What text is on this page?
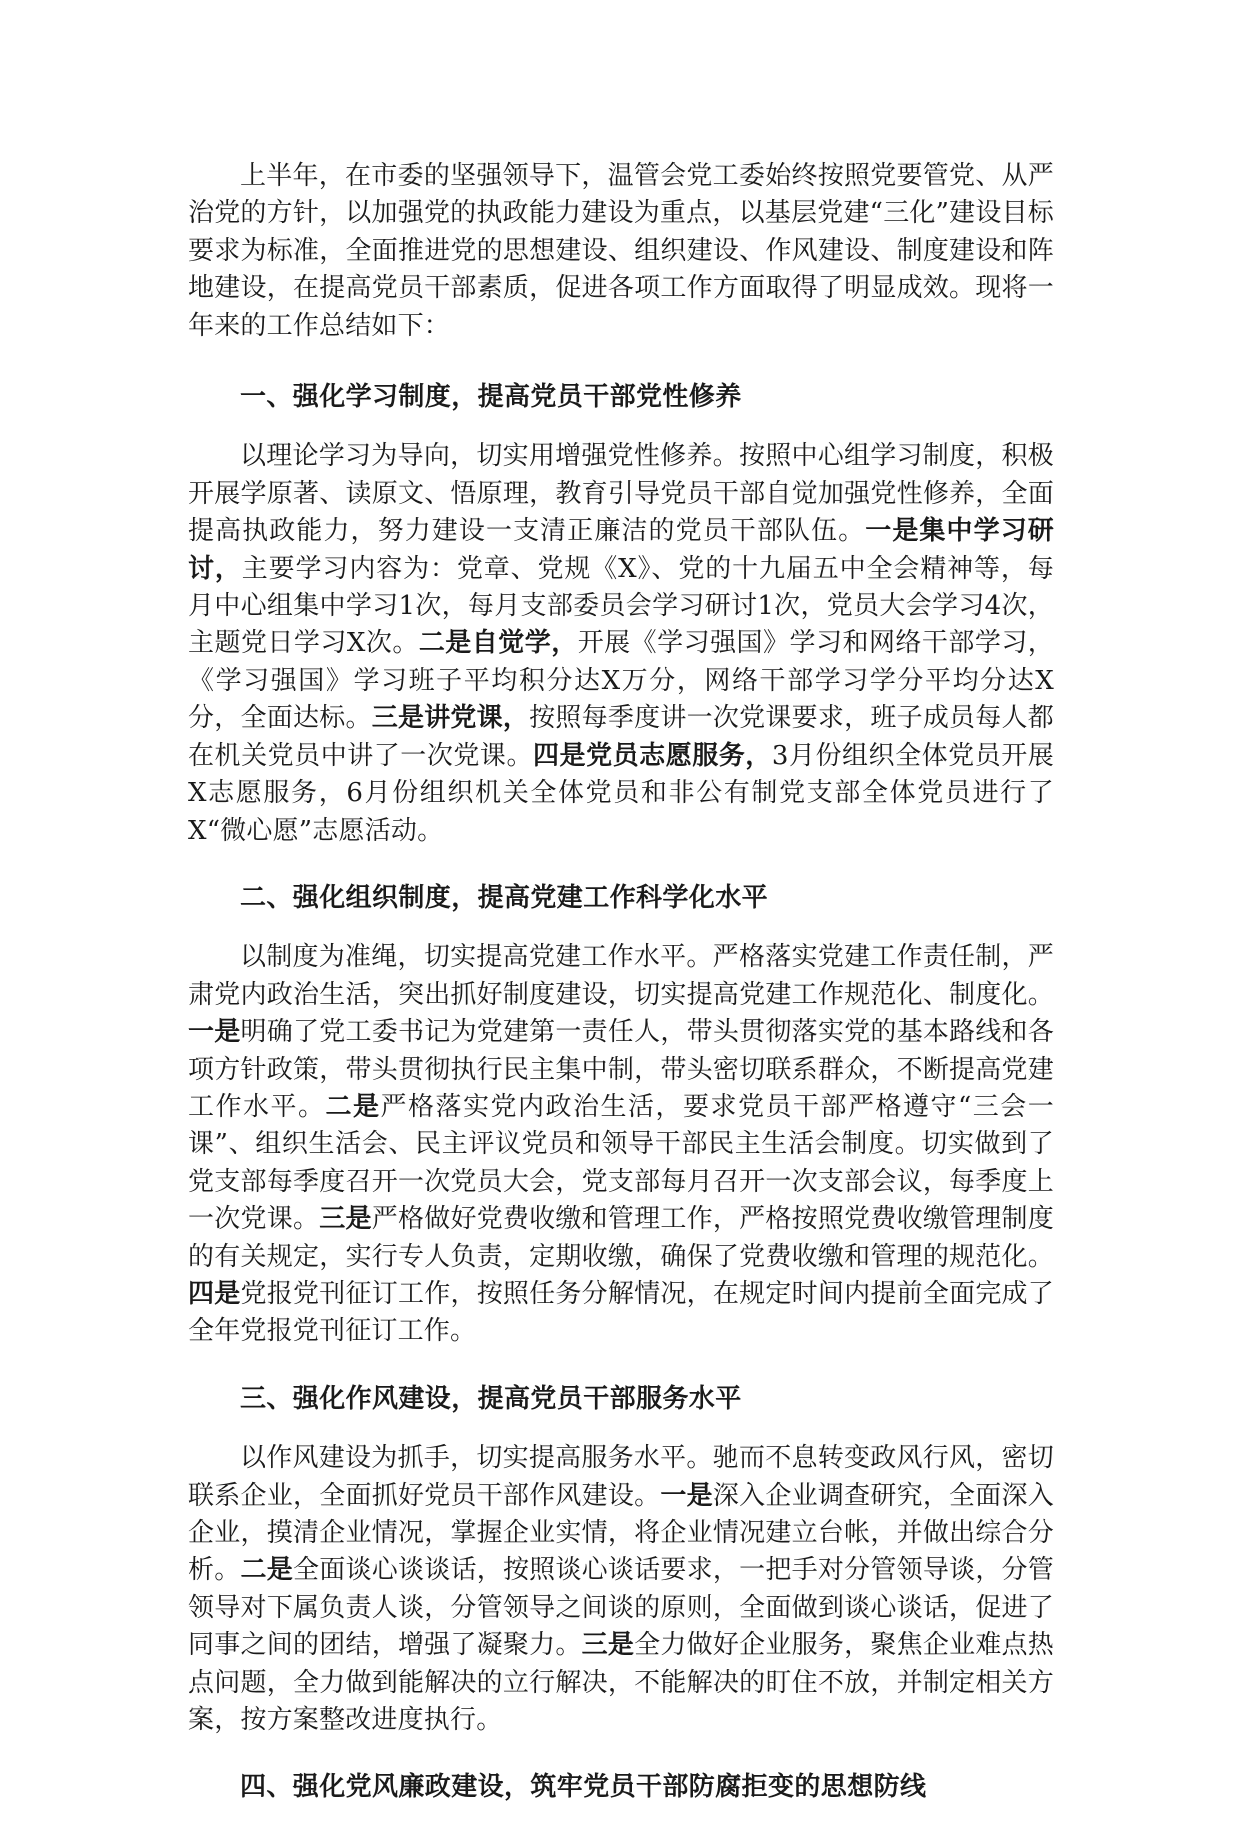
上半年，在市委的坚强领导下，温管会党工委始终按照党要管党、从严治党的方针，以加强党的执政能力建设为重点，以基层党建“三化”建设目标要求为标准，全面推进党的思想建设、组织建设、作风建设、制度建设和阵地建设，在提高党员干部素质，促进各项工作方面取得了明显成效。现将一年来的工作总结如下：

一、强化学习制度，提高党员干部党性修养

以理论学习为导向，切实用增强党性修养。按照中心组学习制度，积极开展学原著、读原文、悟原理，教育引导党员干部自觉加强党性修养，全面提高执政能力，努力建设一支清正廉洁的党员干部队伍。一是集中学习研讨，主要学习内容为：党章、党规《X》、党的十九届五中全会精神等，每月中心组集中学习1次，每月支部委员会学习研讨1次，党员大会学习4次，主题党日学习X次。二是自觉学，开展《学习强国》学习和网络干部学习，《学习强国》学习班子平均积分达X万分，网络干部学习学分平均分达X分，全面达标。三是讲党课，按照每季度讲一次党课要求，班子成员每人都在机关党员中讲了一次党课。四是党员志愿服务，3月份组织全体党员开展X志愿服务，6月份组织机关全体党员和非公有制党支部全体党员进行了X“微心愿”志愿活动。

二、强化组织制度，提高党建工作科学化水平

以制度为准绳，切实提高党建工作水平。严格落实党建工作责任制，严肃党内政治生活，突出抓好制度建设，切实提高党建工作规范化、制度化。一是明确了党工委书记为党建第一责任人，带头贯彻落实党的基本路线和各项方针政策，带头贯彻执行民主集中制，带头密切联系群众，不断提高党建工作水平。二是严格落实党内政治生活，要求党员干部严格遵守“三会一课”、组织生活会、民主评议党员和领导干部民主生活会制度。切实做到了党支部每季度召开一次党员大会，党支部每月召开一次支部会议，每季度上一次党课。三是严格做好党费收缴和管理工作，严格按照党费收缴管理制度的有关规定，实行专人负责，定期收缴，确保了党费收缴和管理的规范化。四是党报党刊征订工作，按照任务分解情况，在规定时间内提前全面完成了全年党报党刊征订工作。

三、强化作风建设，提高党员干部服务水平

以作风建设为抓手，切实提高服务水平。驰而不息转变政风行风，密切联系企业，全面抓好党员干部作风建设。一是深入企业调查研究，全面深入企业，摸清企业情况，掌握企业实情，将企业情况建立台帐，并做出综合分析。二是全面谈心谈谈话，按照谈心谈话要求，一把手对分管领导谈，分管领导对下属负责人谈，分管领导之间谈的原则，全面做到谈心谈话，促进了同事之间的团结，增强了凝聚力。三是全力做好企业服务，聚焦企业难点热点问题，全力做到能解决的立行解决，不能解决的盯住不放，并制定相关方案，按方案整改进度执行。

四、强化党风廉政建设，筑牢党员干部防腐拒变的思想防线
